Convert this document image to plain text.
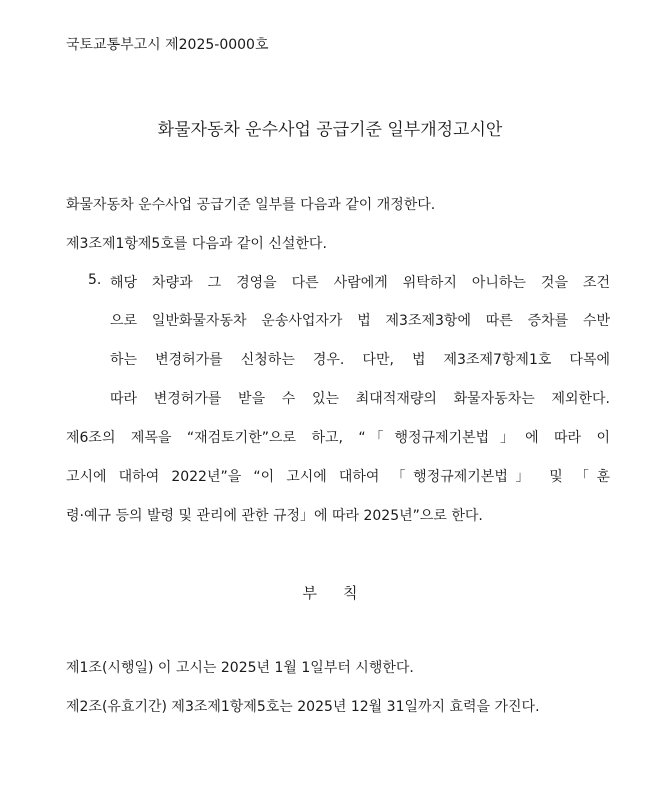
국토교통부고시 제2025-0000호
화물자동차 운수사업 공급기준 일부개정고시안
화물자동차 운수사업 공급기준 일부를 다음과 같이 개정한다.
제3조제1항제5호를 다음과 같이 신설한다.
5. 해당 차량과 그 경영을 다른 사람에게 위탁하지 아니하는 것을 조건
으로 일반화물자동차 운송사업자가 법 제3조제3항에 따른 증차를 수반
하는 변경허가를 신청하는 경우. 다만, 법 제3조제7항제1호 다목에
따라 변경허가를 받을 수 있는 최대적재량의 화물자동차는 제외한다.
제6조의 제목을 “재검토기한”으로 하고, “「행정규제기본법」에 따라 이
고시에 대하여 2022년”을 “이 고시에 대하여 「행정규제기본법」 및 「훈
령·예규 등의 발령 및 관리에 관한 규정」에 따라 2025년”으로 한다.
부칙
제1조(시행일) 이 고시는 2025년 1월 1일부터 시행한다.
제2조(유효기간) 제3조제1항제5호는 2025년 12월 31일까지 효력을 가진다.
